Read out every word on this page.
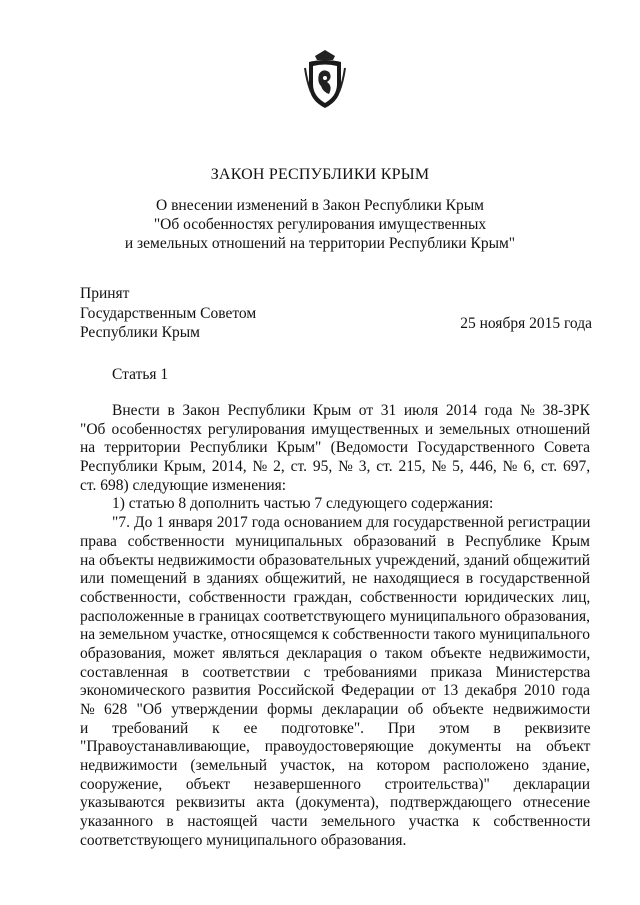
ЗАКОН РЕСПУБЛИКИ КРЫМ
О внесении изменений в Закон Республики Крым
"Об особенностях регулирования имущественных
и земельных отношений на территории Республики Крым"
Принят
Государственным Советом
Республики Крым
25 ноября 2015 года
Статья 1
Внести в Закон Республики Крым от 31 июля 2014 года № 38-ЗРК
"Об особенностях регулирования имущественных и земельных отношений
на территории Республики Крым" (Ведомости Государственного Совета
Республики Крым, 2014, № 2, ст. 95, № 3, ст. 215, № 5, 446, № 6, ст. 697,
ст. 698) следующие изменения:
1) статью 8 дополнить частью 7 следующего содержания:
"7. До 1 января 2017 года основанием для государственной регистрации
права собственности муниципальных образований в Республике Крым
на объекты недвижимости образовательных учреждений, зданий общежитий
или помещений в зданиях общежитий, не находящиеся в государственной
собственности, собственности граждан, собственности юридических лиц,
расположенные в границах соответствующего муниципального образования,
на земельном участке, относящемся к собственности такого муниципального
образования, может являться декларация о таком объекте недвижимости,
составленная в соответствии с требованиями приказа Министерства
экономического развития Российской Федерации от 13 декабря 2010 года
№ 628 "Об утверждении формы декларации об объекте недвижимости
и требований к ее подготовке". При этом в реквизите
"Правоустанавливающие, правоудостоверяющие документы на объект
недвижимости (земельный участок, на котором расположено здание,
сооружение, объект незавершенного строительства)" декларации
указываются реквизиты акта (документа), подтверждающего отнесение
указанного в настоящей части земельного участка к собственности
соответствующего муниципального образования.
